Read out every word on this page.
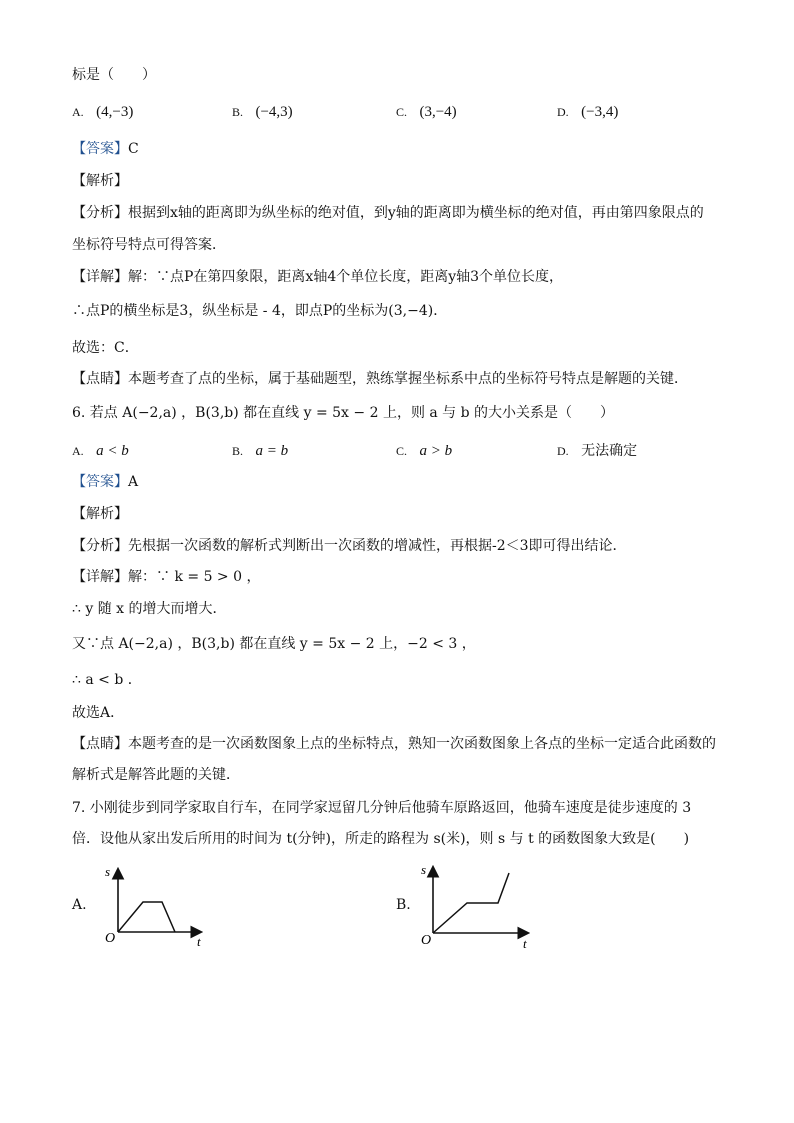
标是（　　）
A. (4,−3)	B. (−4,3)	C. (3,−4)	D. (−3,4)
【答案】C
【解析】
【分析】根据到x轴的距离即为纵坐标的绝对值，到y轴的距离即为横坐标的绝对值，再由第四象限点的
坐标符号特点可得答案．
【详解】解：∵点P在第四象限，距离x轴4个单位长度，距离y轴3个单位长度，
∴点P的横坐标是3，纵坐标是 - 4，即点P的坐标为(3,−4)．
故选：C．
【点睛】本题考查了点的坐标，属于基础题型，熟练掌握坐标系中点的坐标符号特点是解题的关键．
6. 若点 A(−2,a) ，B(3,b) 都在直线 y = 5x − 2 上，则 a 与 b 的大小关系是（　　）
A. a < b	B. a = b	C. a > b	D. 无法确定
【答案】A
【解析】
【分析】先根据一次函数的解析式判断出一次函数的增减性，再根据-2＜3即可得出结论．
【详解】解：∵ k = 5 > 0 ，
∴ y 随 x 的增大而增大．
又∵点 A(−2,a) ，B(3,b) 都在直线 y = 5x − 2 上，−2 < 3 ，
∴ a < b ．
故选A．
【点睛】本题考查的是一次函数图象上点的坐标特点，熟知一次函数图象上各点的坐标一定适合此函数的
解析式是解答此题的关键．
7. 小刚徒步到同学家取自行车，在同学家逗留几分钟后他骑车原路返回，他骑车速度是徒步速度的 3
倍．设他从家出发后所用的时间为 t(分钟)，所走的路程为 s(米)，则 s 与 t 的函数图象大致是(　　)
A.
s
O	t
B.
s
O	t
